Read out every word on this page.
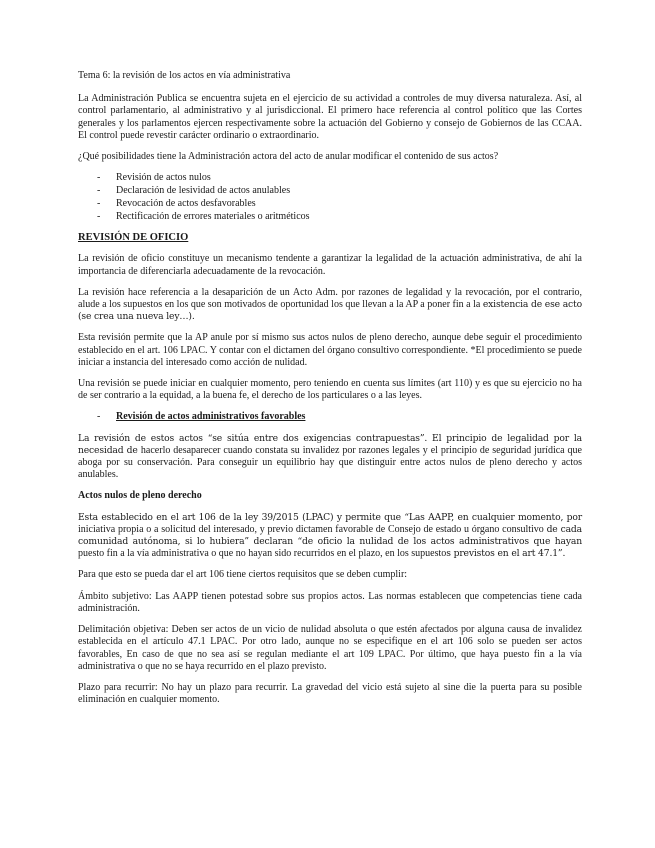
Tema 6: la revisión de los actos en vía administrativa

La Administración Publica se encuentra sujeta en el ejercicio de su actividad a controles de muy diversa naturaleza. Así, al control parlamentario, al administrativo y al jurisdiccional. El primero hace referencia al control político que las Cortes generales y los parlamentos ejercen respectivamente sobre la actuación del Gobierno y consejo de Gobiernos de las CCAA. El control puede revestir carácter ordinario o extraordinario.

¿Qué posibilidades tiene la Administración actora del acto de anular modificar el contenido de sus actos?

- Revisión de actos nulos
- Declaración de lesividad de actos anulables
- Revocación de actos desfavorables
- Rectificación de errores materiales o aritméticos
REVISIÓN DE OFICIO

La revisión de oficio constituye un mecanismo tendente a garantizar la legalidad de la actuación administrativa, de ahí la importancia de diferenciarla adecuadamente de la revocación.

La revisión hace referencia a la desaparición de un Acto Adm. por razones de legalidad y la revocación, por el contrario, alude a los supuestos en los que son motivados de oportunidad los que llevan a la AP a poner fin a la existencia de ese acto (se crea una nueva ley…).

Esta revisión permite que la AP anule por sí mismo sus actos nulos de pleno derecho, aunque debe seguir el procedimiento establecido en el art. 106 LPAC. Y contar con el dictamen del órgano consultivo correspondiente. *El procedimiento se puede iniciar a instancia del interesado como acción de nulidad.

Una revisión se puede iniciar en cualquier momento, pero teniendo en cuenta sus límites (art 110) y es que su ejercicio no ha de ser contrario a la equidad, a la buena fe, el derecho de los particulares o a las leyes.

- Revisión de actos administrativos favorables

La revisión de estos actos “se sitúa entre dos exigencias contrapuestas”. El principio de legalidad por la necesidad de hacerlo desaparecer cuando constata su invalidez por razones legales y el principio de seguridad jurídica que aboga por su conservación. Para conseguir un equilibrio hay que distinguir entre actos nulos de pleno derecho y actos anulables.

Actos nulos de pleno derecho

Esta establecido en el art 106 de la ley 39/2015 (LPAC) y permite que “Las AAPP, en cualquier momento, por iniciativa propia o a solicitud del interesado, y previo dictamen favorable de Consejo de estado u órgano consultivo de cada comunidad autónoma, si lo hubiera” declaran “de oficio la nulidad de los actos administrativos que hayan puesto fin a la vía administrativa o que no hayan sido recurridos en el plazo, en los supuestos previstos en el art 47.1”.

Para que esto se pueda dar el art 106 tiene ciertos requisitos que se deben cumplir:

Ámbito subjetivo: Las AAPP tienen potestad sobre sus propios actos. Las normas establecen que competencias tiene cada administración.

Delimitación objetiva: Deben ser actos de un vicio de nulidad absoluta o que estén afectados por alguna causa de invalidez establecida en el artículo 47.1 LPAC. Por otro lado, aunque no se especifique en el art 106 solo se pueden ser actos favorables, En caso de que no sea así se regulan mediante el art 109 LPAC. Por último, que haya puesto fin a la vía administrativa o que no se haya recurrido en el plazo previsto.

Plazo para recurrir: No hay un plazo para recurrir. La gravedad del vicio está sujeto al sine die la puerta para su posible eliminación en cualquier momento.
